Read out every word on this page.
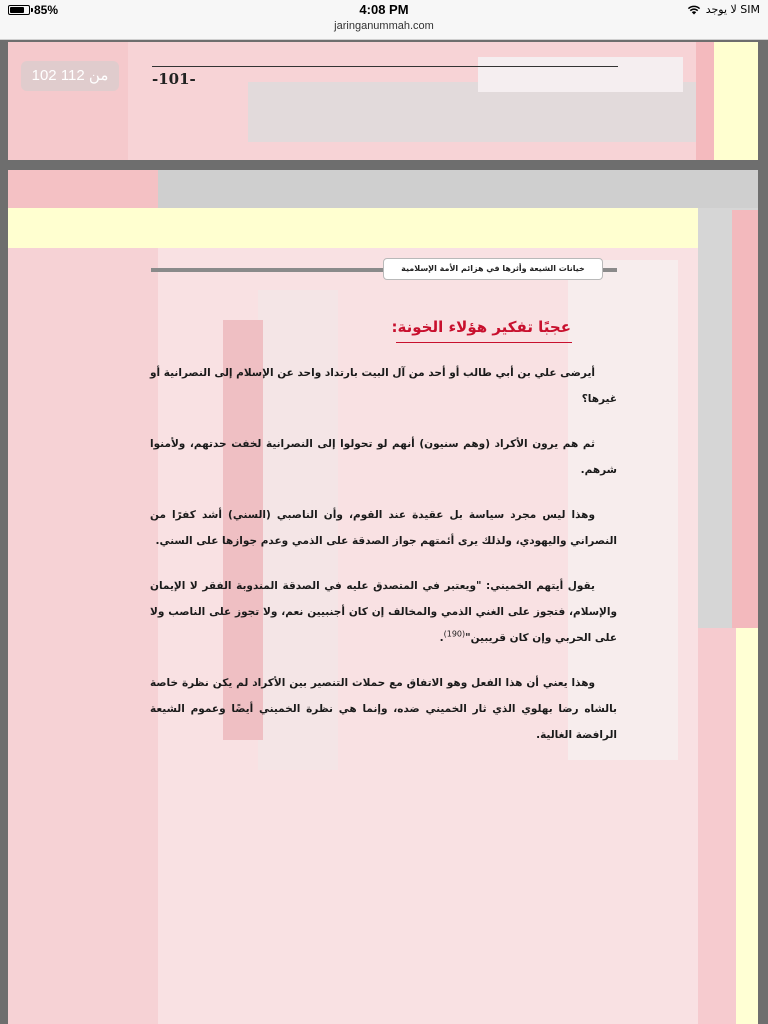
85%	4:08 PM
jaringanummah.com
لا يوجد SIM
102 من 112	-101-
خيانات الشيعة وأثرها في هزائم الأمة الإسلامية
عجبًا تفكير هؤلاء الخونة:

أيرضى علي بن أبي طالب أو أحد من آل البيت بارتداد واحد عن الإسلام إلى النصرانية أو غيرها؟

ثم هم يرون الأكراد (وهم سنيون) أنهم لو تحولوا إلى النصرانية لخفت حدتهم، ولأمنوا شرهم.

وهذا ليس مجرد سياسة بل عقيدة عند القوم، وأن الناصبي (السني) أشد كفرًا من النصراني واليهودي، ولذلك يرى أئمتهم جواز الصدقة على الذمي وعدم جوازها على السني.

يقول أيتهم الخميني: "ويعتبر في المتصدق عليه في الصدقة المندوبة الفقر لا الإيمان والإسلام، فتجوز على الغني الذمي والمخالف إن كان أجنبيين نعم، ولا تجوز على الناصب ولا على الحربي وإن كان قريبين"$^{(190)}$.

وهذا يعني أن هذا الفعل وهو الاتفاق مع حملات التنصير بين الأكراد لم يكن نظرة خاصة بالشاه رضا بهلوي الذي ثار الخميني ضده، وإنما هي نظرة الخميني أيضًا وعموم الشيعة الرافضة الغالية.
